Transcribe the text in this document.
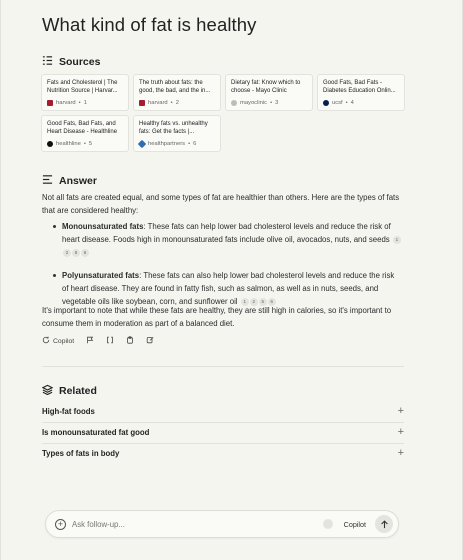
What kind of fat is healthy
Sources
Fats and Cholesterol | The Nutrition Source | Harvar...
harvard • 1
The truth about fats: the good, the bad, and the in...
harvard • 2
Dietary fat: Know which to choose - Mayo Clinic
mayoclinic • 3
Good Fats, Bad Fats - Diabetes Education Onlin...
ucsf • 4
Good Fats, Bad Fats, and Heart Disease - Healthline
healthline • 5
Healthy fats vs. unhealthy fats: Get the facts |...
healthpartners • 6
Answer
Not all fats are created equal, and some types of fat are healthier than others. Here are the types of fats that are considered healthy:
Monounsaturated fats: These fats can help lower bad cholesterol levels and reduce the risk of heart disease. Foods high in monounsaturated fats include olive oil, avocados, nuts, and seeds 12 5 6
Polyunsaturated fats: These fats can also help lower bad cholesterol levels and reduce the risk of heart disease. They are found in fatty fish, such as salmon, as well as in nuts, seeds, and vegetable oils like soybean, corn, and sunflower oil 1 2 5 6
It's important to note that while these fats are healthy, they are still high in calories, so it's important to consume them in moderation as part of a balanced diet.
Copilot
Related
High-fat foods	+
Is monounsaturated fat good	+
Types of fats in body	+
+	Ask follow-up...	Copilot
